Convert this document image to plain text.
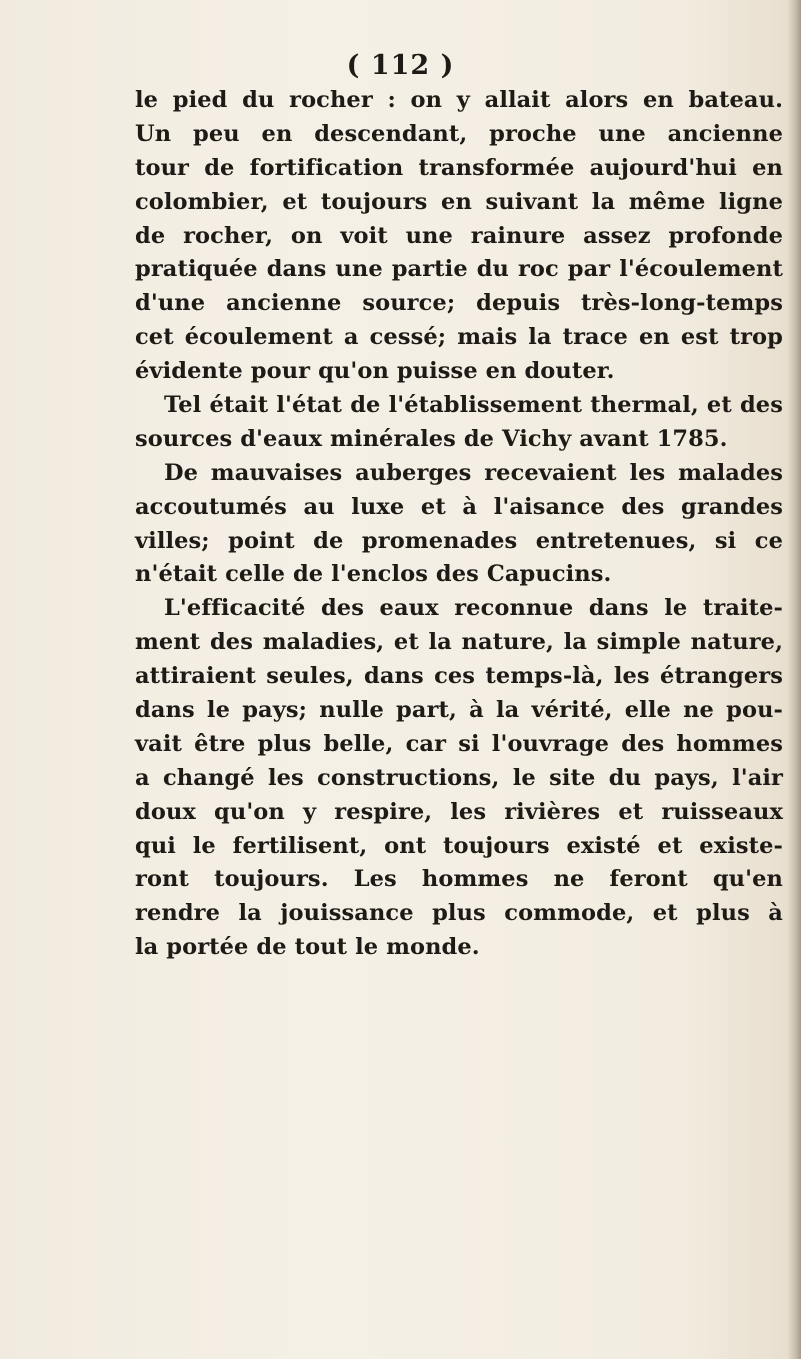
( 112 )

le pied du rocher : on y allait alors en bateau.
Un peu en descendant, proche une ancienne
tour de fortification transformée aujourd'hui en
colombier, et toujours en suivant la même ligne
de rocher, on voit une rainure assez profonde
pratiquée dans une partie du roc par l'écoulement
d'une ancienne source; depuis très-long-temps
cet écoulement a cessé; mais la trace en est trop
évidente pour qu'on puisse en douter.
Tel était l'état de l'établissement thermal, et des
sources d'eaux minérales de Vichy avant 1785.
De mauvaises auberges recevaient les malades
accoutumés au luxe et à l'aisance des grandes
villes; point de promenades entretenues, si ce
n'était celle de l'enclos des Capucins.
L'efficacité des eaux reconnue dans le traite-
ment des maladies, et la nature, la simple nature,
attiraient seules, dans ces temps-là, les étrangers
dans le pays; nulle part, à la vérité, elle ne pou-
vait être plus belle, car si l'ouvrage des hommes
a changé les constructions, le site du pays, l'air
doux qu'on y respire, les rivières et ruisseaux
qui le fertilisent, ont toujours existé et existe-
ront toujours. Les hommes ne feront qu'en
rendre la jouissance plus commode, et plus à
la portée de tout le monde.
